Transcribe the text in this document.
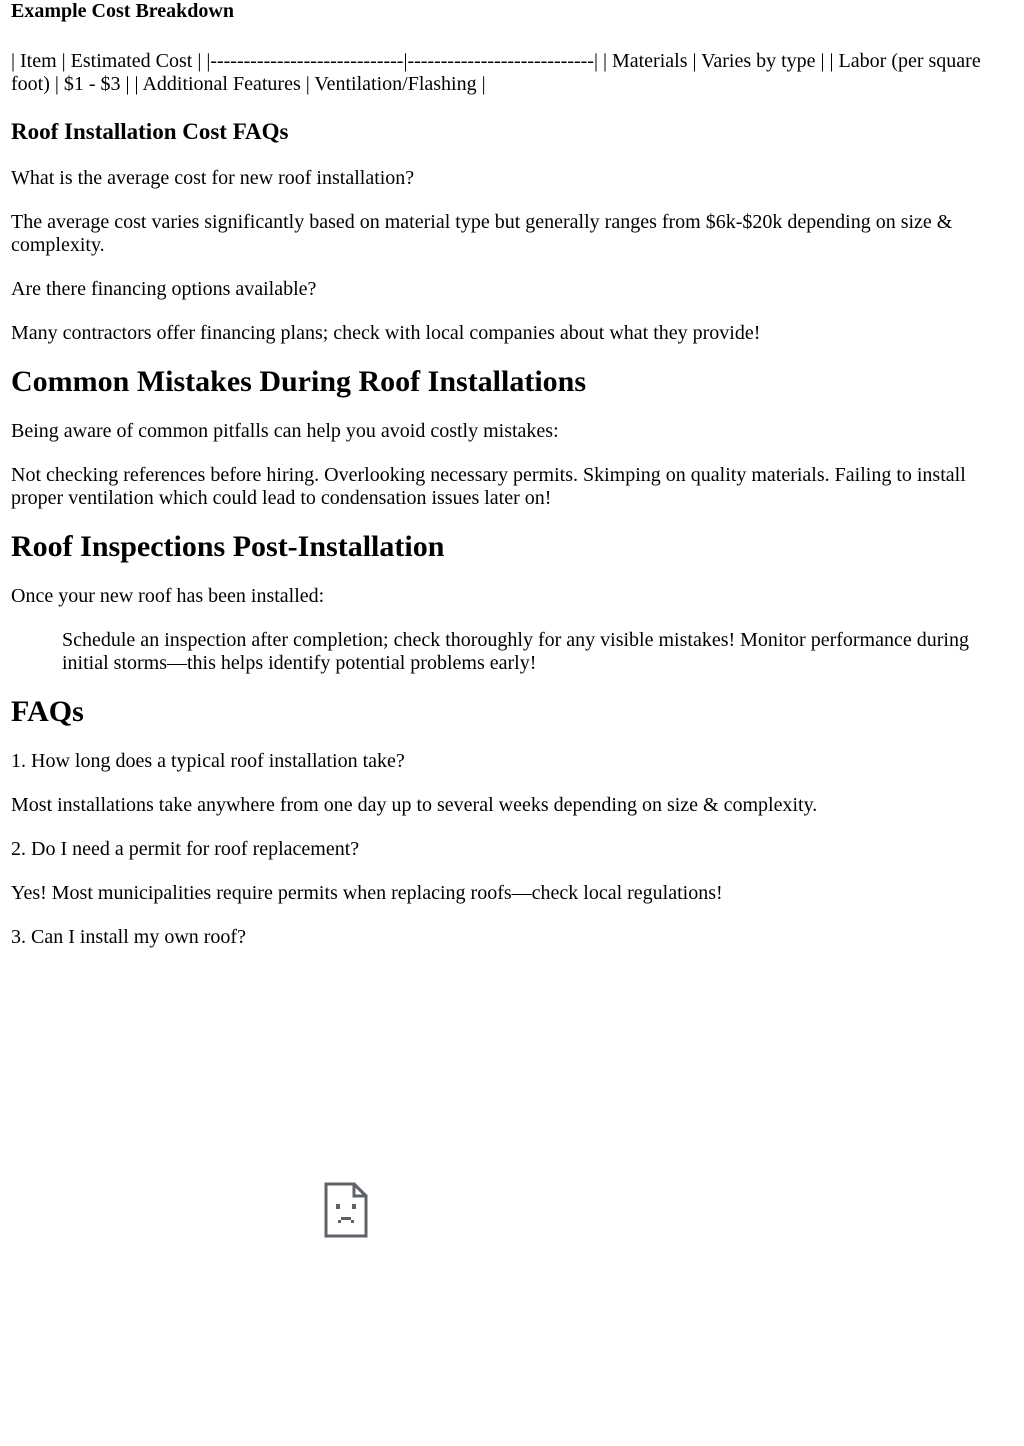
Example Cost Breakdown

| Item | Estimated Cost | |-----------------------------|----------------------------| | Materials | Varies by type | | Labor (per square foot) | $1 - $3 | | Additional Features | Ventilation/Flashing |

Roof Installation Cost FAQs

What is the average cost for new roof installation?

The average cost varies significantly based on material type but generally ranges from $6k-$20k depending on size & complexity.

Are there financing options available?

Many contractors offer financing plans; check with local companies about what they provide!

Common Mistakes During Roof Installations

Being aware of common pitfalls can help you avoid costly mistakes:

Not checking references before hiring. Overlooking necessary permits. Skimping on quality materials. Failing to install proper ventilation which could lead to condensation issues later on!

Roof Inspections Post-Installation

Once your new roof has been installed:

Schedule an inspection after completion; check thoroughly for any visible mistakes! Monitor performance during initial storms—this helps identify potential problems early!

FAQs

1. How long does a typical roof installation take?

Most installations take anywhere from one day up to several weeks depending on size & complexity.

2. Do I need a permit for roof replacement?

Yes! Most municipalities require permits when replacing roofs—check local regulations!

3. Can I install my own roof?
